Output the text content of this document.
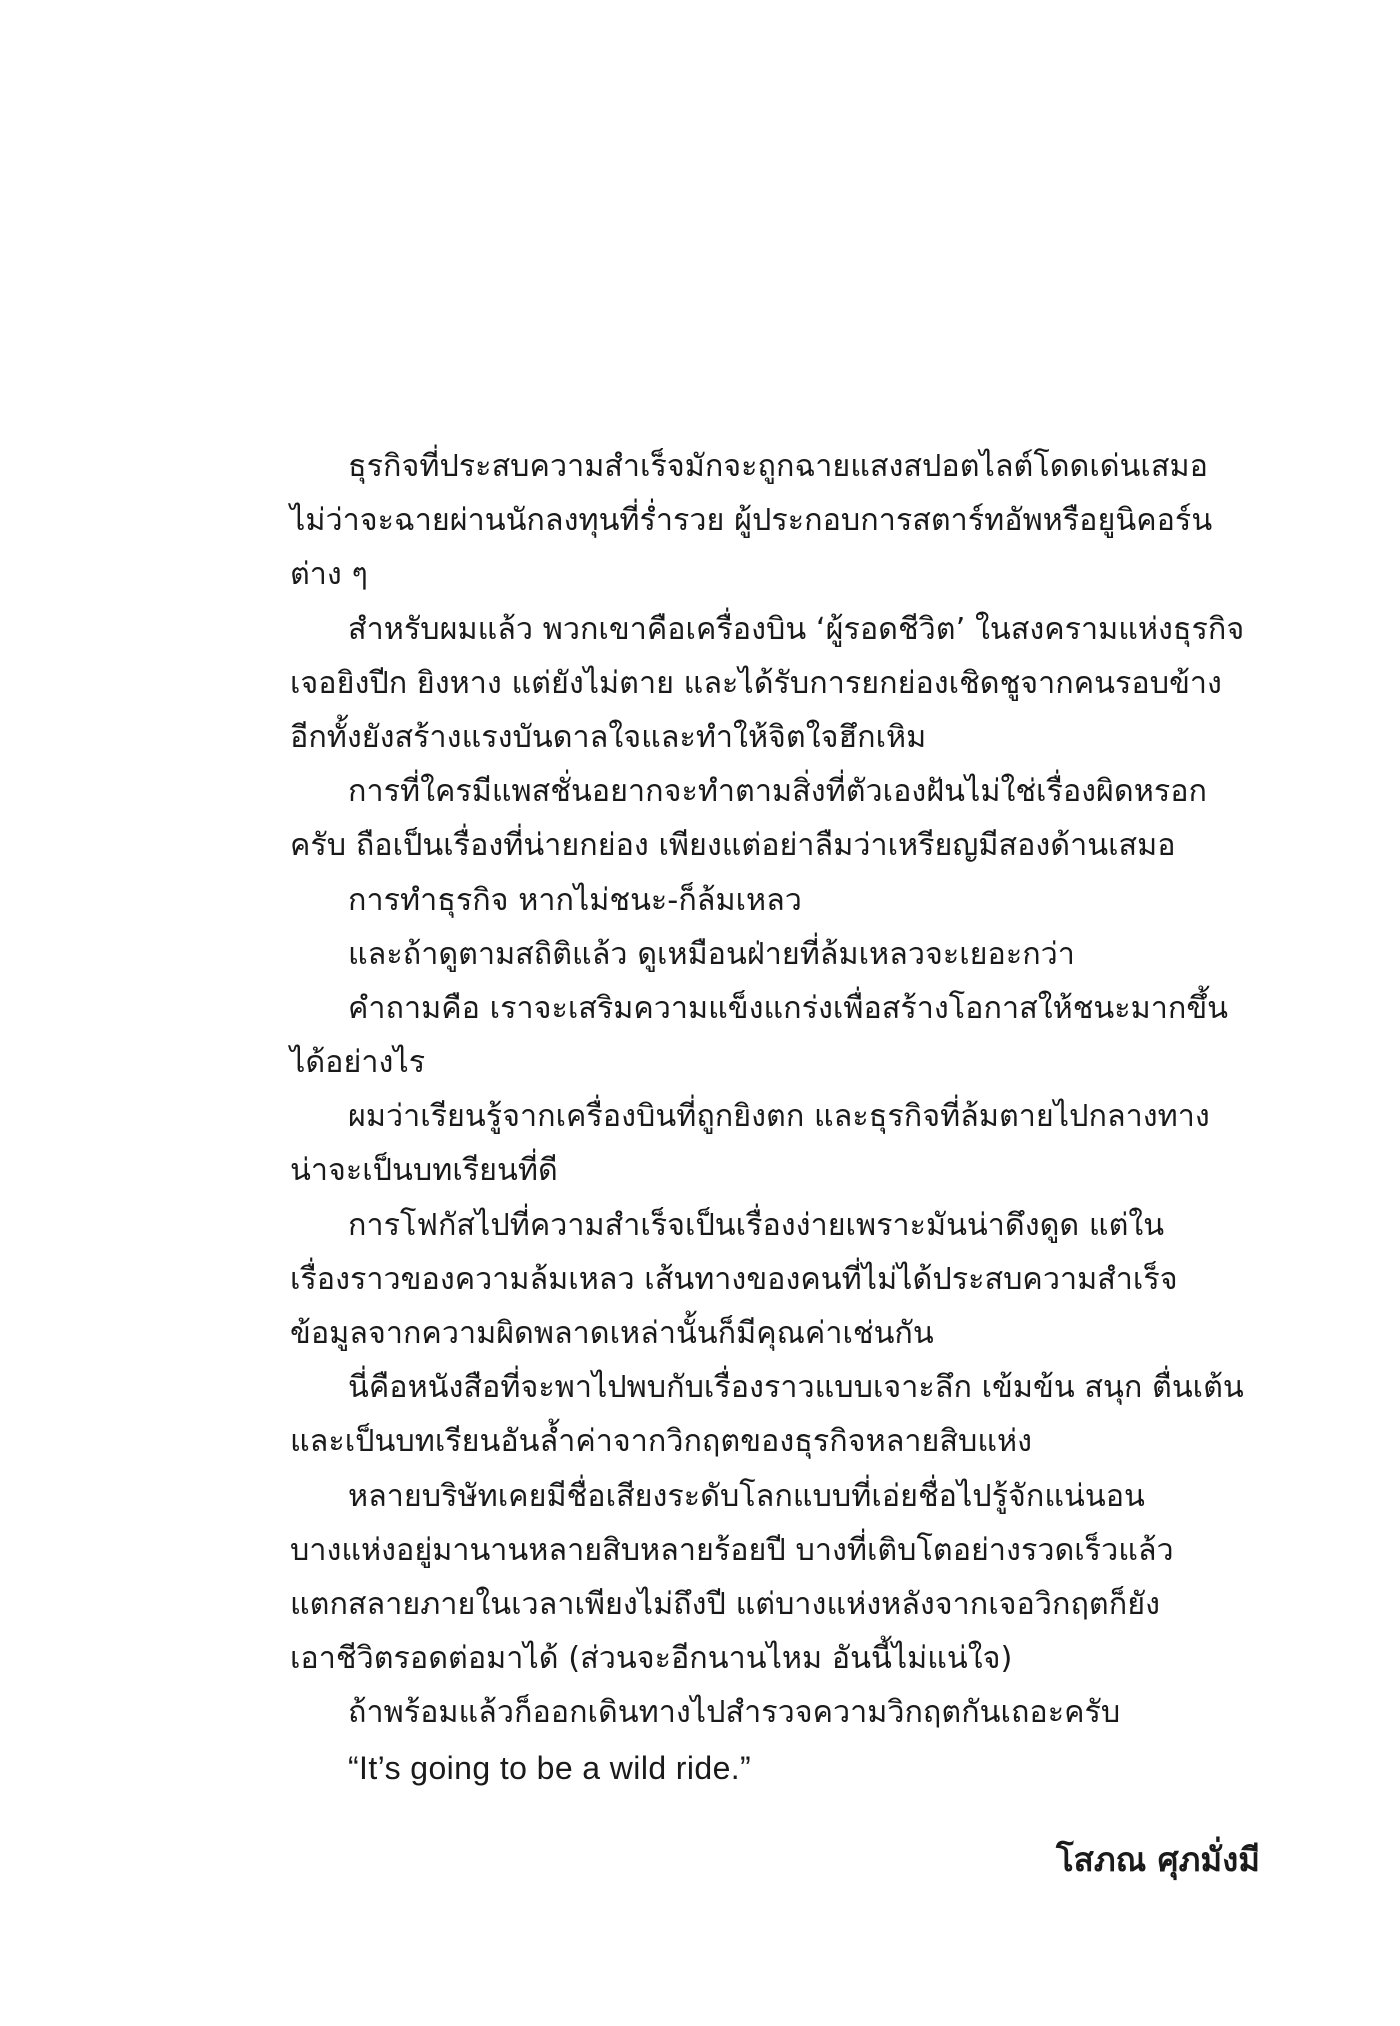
ธุรกิจที่ประสบความสำเร็จมักจะถูกฉายแสงสปอตไลต์โดดเด่นเสมอ
ไม่ว่าจะฉายผ่านนักลงทุนที่ร่ำรวย ผู้ประกอบการสตาร์ทอัพหรือยูนิคอร์น
ต่าง ๆ
สำหรับผมแล้ว พวกเขาคือเครื่องบิน ‘ผู้รอดชีวิต’ ในสงครามแห่งธุรกิจ
เจอยิงปีก ยิงหาง แต่ยังไม่ตาย และได้รับการยกย่องเชิดชูจากคนรอบข้าง
อีกทั้งยังสร้างแรงบันดาลใจและทำให้จิตใจฮึกเหิม
การที่ใครมีแพสชั่นอยากจะทำตามสิ่งที่ตัวเองฝันไม่ใช่เรื่องผิดหรอก
ครับ ถือเป็นเรื่องที่น่ายกย่อง เพียงแต่อย่าลืมว่าเหรียญมีสองด้านเสมอ
การทำธุรกิจ หากไม่ชนะ-ก็ล้มเหลว
และถ้าดูตามสถิติแล้ว ดูเหมือนฝ่ายที่ล้มเหลวจะเยอะกว่า
คำถามคือ เราจะเสริมความแข็งแกร่งเพื่อสร้างโอกาสให้ชนะมากขึ้น
ได้อย่างไร
ผมว่าเรียนรู้จากเครื่องบินที่ถูกยิงตก และธุรกิจที่ล้มตายไปกลางทาง
น่าจะเป็นบทเรียนที่ดี
การโฟกัสไปที่ความสำเร็จเป็นเรื่องง่ายเพราะมันน่าดึงดูด แต่ใน
เรื่องราวของความล้มเหลว เส้นทางของคนที่ไม่ได้ประสบความสำเร็จ
ข้อมูลจากความผิดพลาดเหล่านั้นก็มีคุณค่าเช่นกัน
นี่คือหนังสือที่จะพาไปพบกับเรื่องราวแบบเจาะลึก เข้มข้น สนุก ตื่นเต้น
และเป็นบทเรียนอันล้ำค่าจากวิกฤตของธุรกิจหลายสิบแห่ง
หลายบริษัทเคยมีชื่อเสียงระดับโลกแบบที่เอ่ยชื่อไปรู้จักแน่นอน
บางแห่งอยู่มานานหลายสิบหลายร้อยปี บางที่เติบโตอย่างรวดเร็วแล้ว
แตกสลายภายในเวลาเพียงไม่ถึงปี แต่บางแห่งหลังจากเจอวิกฤตก็ยัง
เอาชีวิตรอดต่อมาได้ (ส่วนจะอีกนานไหม อันนี้ไม่แน่ใจ)
ถ้าพร้อมแล้วก็ออกเดินทางไปสำรวจความวิกฤตกันเถอะครับ
“It’s going to be a wild ride.”
โสภณ ศุภมั่งมี
